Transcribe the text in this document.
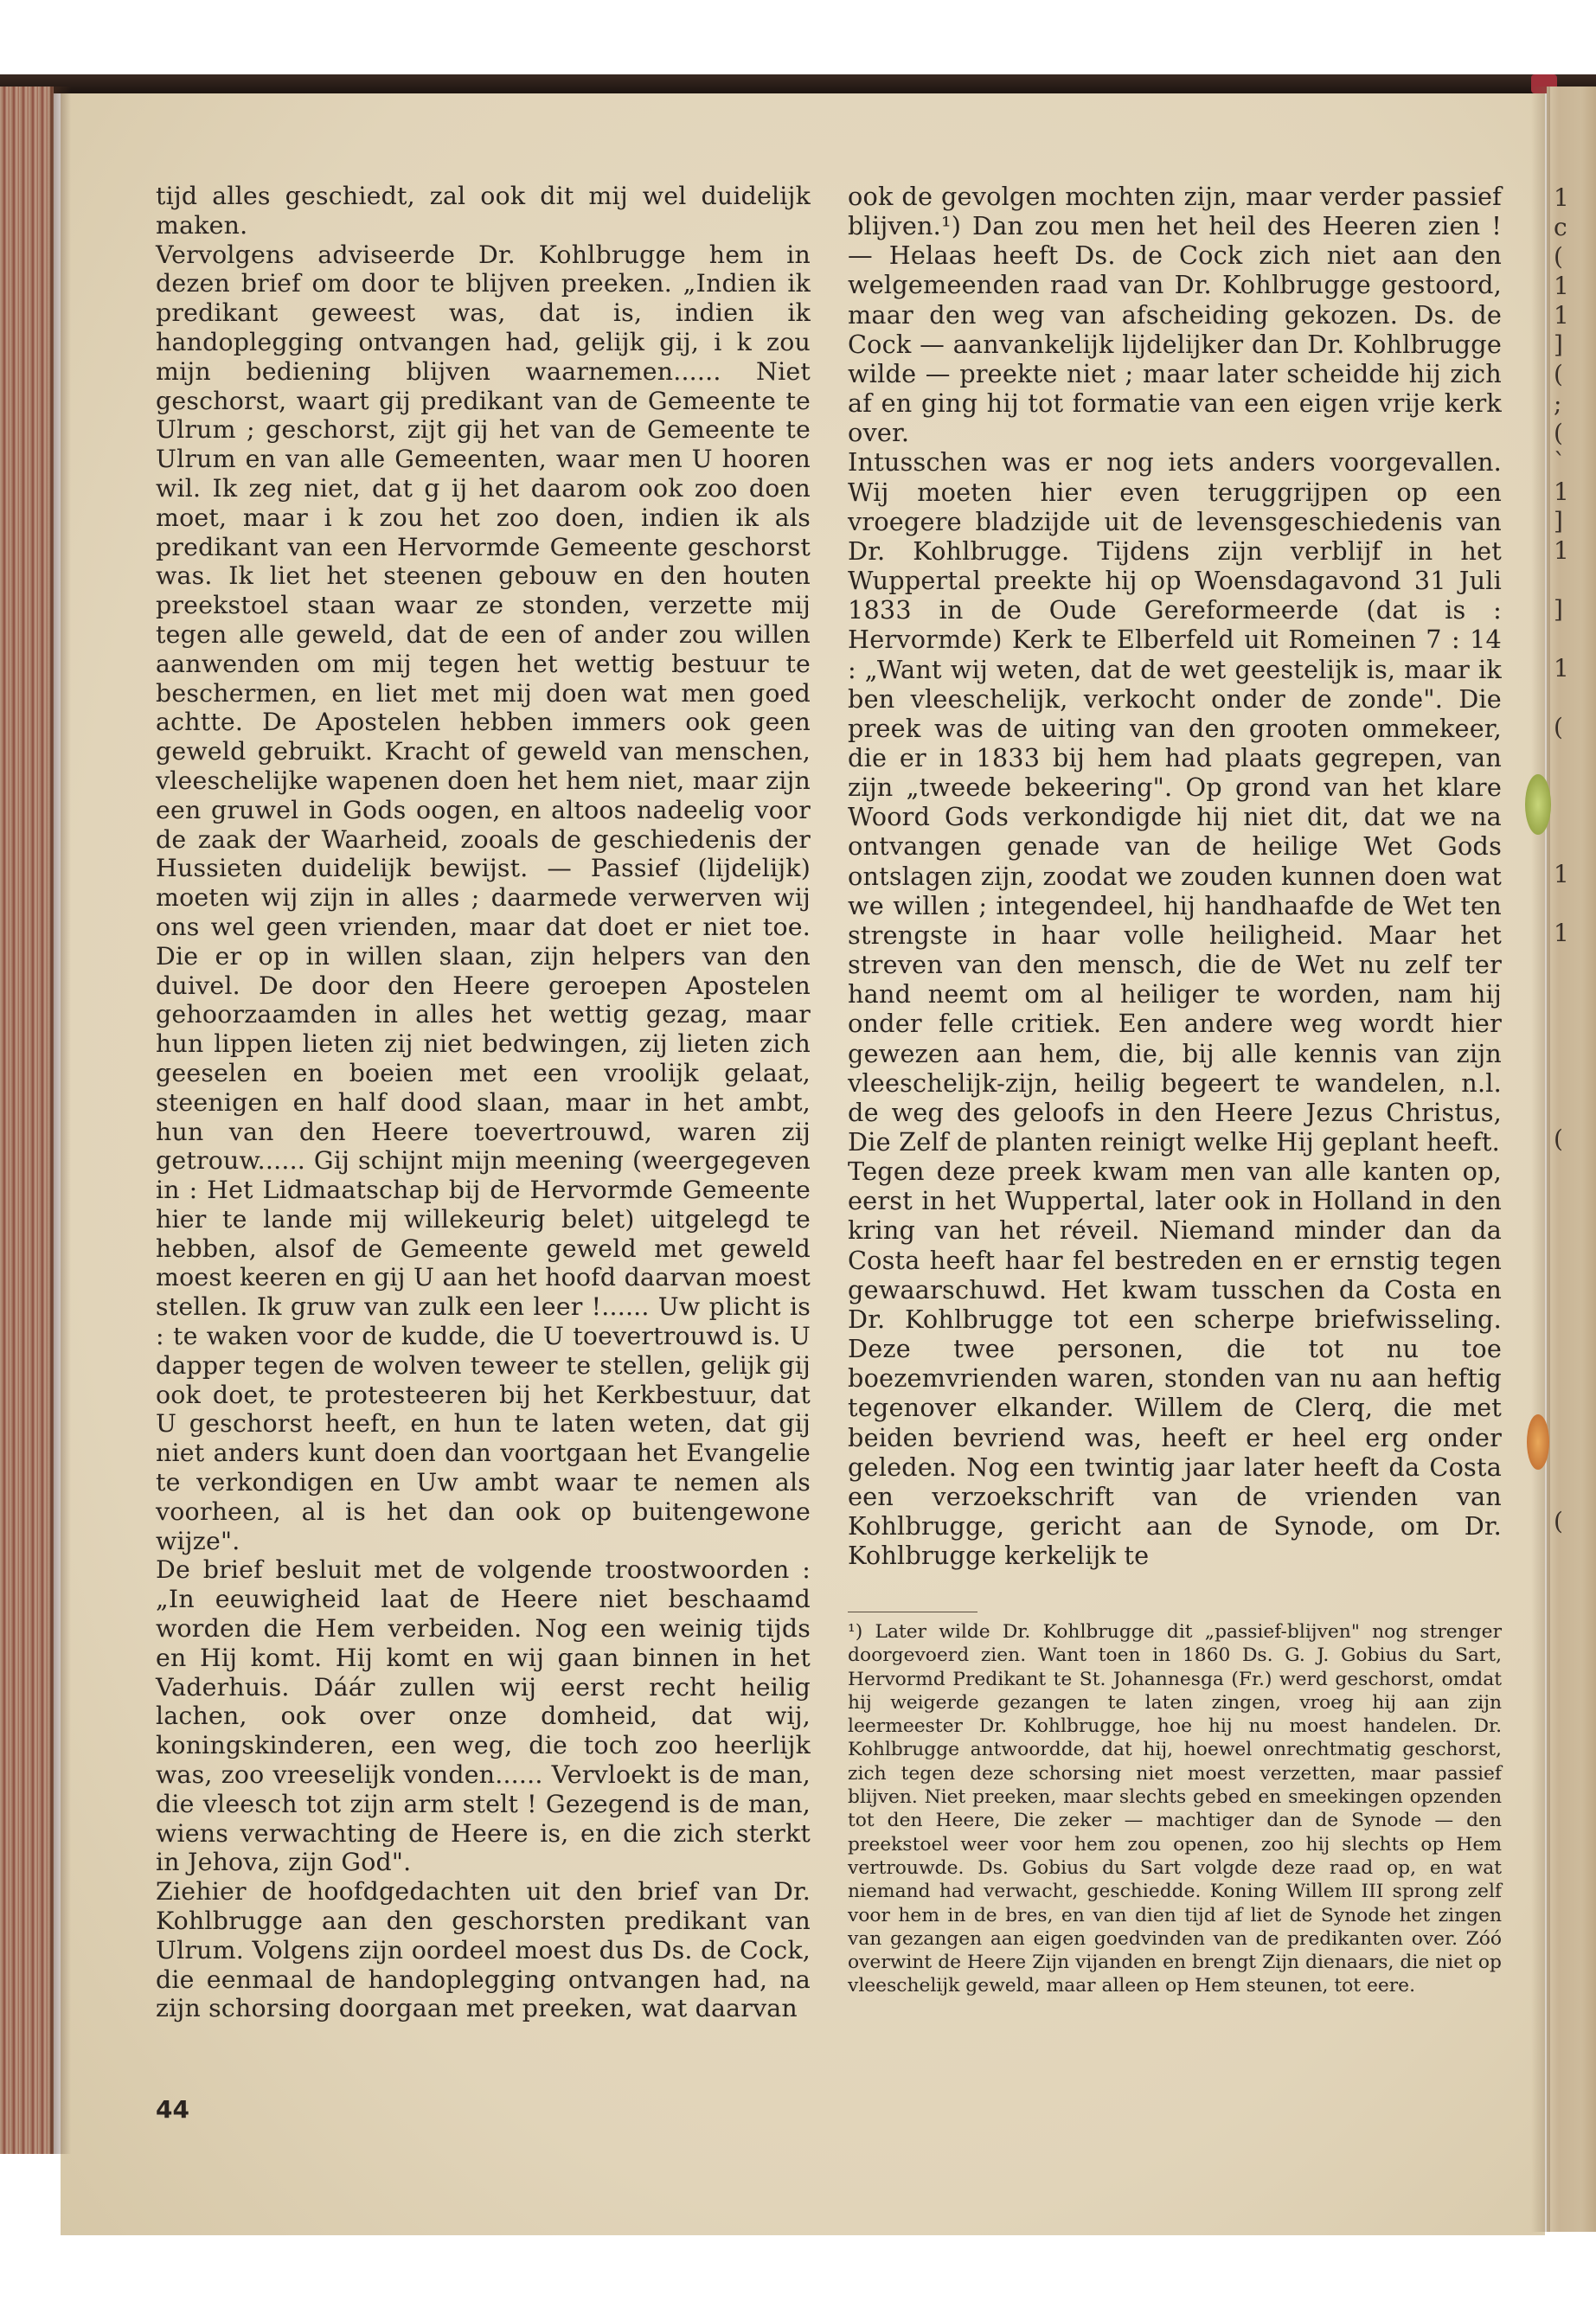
tijd alles geschiedt, zal ook dit mij wel duidelijk maken.

Vervolgens adviseerde Dr. Kohlbrugge hem in dezen brief om door te blijven preeken. „Indien ik predikant geweest was, dat is, indien ik handoplegging ontvangen had, gelijk gij, i k zou mijn bediening blijven waarnemen...... Niet geschorst, waart gij predikant van de Gemeente te Ulrum ; geschorst, zijt gij het van de Gemeente te Ulrum en van alle Gemeenten, waar men U hooren wil. Ik zeg niet, dat g ij het daarom ook zoo doen moet, maar i k zou het zoo doen, indien ik als predikant van een Hervormde Gemeente geschorst was. Ik liet het steenen gebouw en den houten preekstoel staan waar ze stonden, verzette mij tegen alle geweld, dat de een of ander zou willen aanwenden om mij tegen het wettig bestuur te beschermen, en liet met mij doen wat men goed achtte. De Apostelen hebben immers ook geen geweld gebruikt. Kracht of geweld van menschen, vleeschelijke wapenen doen het hem niet, maar zijn een gruwel in Gods oogen, en altoos nadeelig voor de zaak der Waarheid, zooals de geschiedenis der Hussieten duidelijk bewijst. — Passief (lijdelijk) moeten wij zijn in alles ; daarmede verwerven wij ons wel geen vrienden, maar dat doet er niet toe. Die er op in willen slaan, zijn helpers van den duivel. De door den Heere geroepen Apostelen gehoorzaamden in alles het wettig gezag, maar hun lippen lieten zij niet bedwingen, zij lieten zich geeselen en boeien met een vroolijk gelaat, steenigen en half dood slaan, maar in het ambt, hun van den Heere toevertrouwd, waren zij getrouw...... Gij schijnt mijn meening (weergegeven in : Het Lidmaatschap bij de Hervormde Gemeente hier te lande mij willekeurig belet) uitgelegd te hebben, alsof de Gemeente geweld met geweld moest keeren en gij U aan het hoofd daarvan moest stellen. Ik gruw van zulk een leer !...... Uw plicht is : te waken voor de kudde, die U toevertrouwd is. U dapper tegen de wolven teweer te stellen, gelijk gij ook doet, te protesteeren bij het Kerkbestuur, dat U geschorst heeft, en hun te laten weten, dat gij niet anders kunt doen dan voortgaan het Evangelie te verkondigen en Uw ambt waar te nemen als voorheen, al is het dan ook op buitengewone wijze".

De brief besluit met de volgende troostwoorden : „In eeuwigheid laat de Heere niet beschaamd worden die Hem verbeiden. Nog een weinig tijds en Hij komt. Hij komt en wij gaan binnen in het Vaderhuis. Dáár zullen wij eerst recht heilig lachen, ook over onze domheid, dat wij, koningskinderen, een weg, die toch zoo heerlijk was, zoo vreeselijk vonden...... Vervloekt is de man, die vleesch tot zijn arm stelt ! Gezegend is de man, wiens verwachting de Heere is, en die zich sterkt in Jehova, zijn God".

Ziehier de hoofdgedachten uit den brief van Dr. Kohlbrugge aan den geschorsten predikant van Ulrum. Volgens zijn oordeel moest dus Ds. de Cock, die eenmaal de handoplegging ontvangen had, na zijn schorsing doorgaan met preeken, wat daarvan

44

ook de gevolgen mochten zijn, maar verder passief blijven.¹) Dan zou men het heil des Heeren zien ! — Helaas heeft Ds. de Cock zich niet aan den welgemeenden raad van Dr. Kohlbrugge gestoord, maar den weg van afscheiding gekozen. Ds. de Cock — aanvankelijk lijdelijker dan Dr. Kohlbrugge wilde — preekte niet ; maar later scheidde hij zich af en ging hij tot formatie van een eigen vrije kerk over.

Intusschen was er nog iets anders voorgevallen. Wij moeten hier even teruggrijpen op een vroegere bladzijde uit de levensgeschiedenis van Dr. Kohlbrugge. Tijdens zijn verblijf in het Wuppertal preekte hij op Woensdagavond 31 Juli 1833 in de Oude Gereformeerde (dat is : Hervormde) Kerk te Elberfeld uit Romeinen 7 : 14 : „Want wij weten, dat de wet geestelijk is, maar ik ben vleeschelijk, verkocht onder de zonde". Die preek was de uiting van den grooten ommekeer, die er in 1833 bij hem had plaats gegrepen, van zijn „tweede bekeering". Op grond van het klare Woord Gods verkondigde hij niet dit, dat we na ontvangen genade van de heilige Wet Gods ontslagen zijn, zoodat we zouden kunnen doen wat we willen ; integendeel, hij handhaafde de Wet ten strengste in haar volle heiligheid. Maar het streven van den mensch, die de Wet nu zelf ter hand neemt om al heiliger te worden, nam hij onder felle critiek. Een andere weg wordt hier gewezen aan hem, die, bij alle kennis van zijn vleeschelijk-zijn, heilig begeert te wandelen, n.l. de weg des geloofs in den Heere Jezus Christus, Die Zelf de planten reinigt welke Hij geplant heeft.

Tegen deze preek kwam men van alle kanten op, eerst in het Wuppertal, later ook in Holland in den kring van het réveil. Niemand minder dan da Costa heeft haar fel bestreden en er ernstig tegen gewaarschuwd. Het kwam tusschen da Costa en Dr. Kohlbrugge tot een scherpe briefwisseling. Deze twee personen, die tot nu toe boezemvrienden waren, stonden van nu aan heftig tegenover elkander. Willem de Clerq, die met beiden bevriend was, heeft er heel erg onder geleden. Nog een twintig jaar later heeft da Costa een verzoekschrift van de vrienden van Kohlbrugge, gericht aan de Synode, om Dr. Kohlbrugge kerkelijk te

¹) Later wilde Dr. Kohlbrugge dit „passief-blijven" nog strenger doorgevoerd zien. Want toen in 1860 Ds. G. J. Gobius du Sart, Hervormd Predikant te St. Johannesga (Fr.) werd geschorst, omdat hij weigerde gezangen te laten zingen, vroeg hij aan zijn leermeester Dr. Kohlbrugge, hoe hij nu moest handelen. Dr. Kohlbrugge antwoordde, dat hij, hoewel onrechtmatig geschorst, zich tegen deze schorsing niet moest verzetten, maar passief blijven. Niet preeken, maar slechts gebed en smeekingen opzenden tot den Heere, Die zeker — machtiger dan de Synode — den preekstoel weer voor hem zou openen, zoo hij slechts op Hem vertrouwde. Ds. Gobius du Sart volgde deze raad op, en wat niemand had verwacht, geschiedde. Koning Willem III sprong zelf voor hem in de bres, en van dien tijd af liet de Synode het zingen van gezangen aan eigen goedvinden van de predikanten over. Zóó overwint de Heere Zijn vijanden en brengt Zijn dienaars, die niet op vleeschelijk geweld, maar alleen op Hem steunen, tot eere.

1
c
(
1
1
]
(
;
(
`
1
]
1
]
1
(
1
1
(
(
